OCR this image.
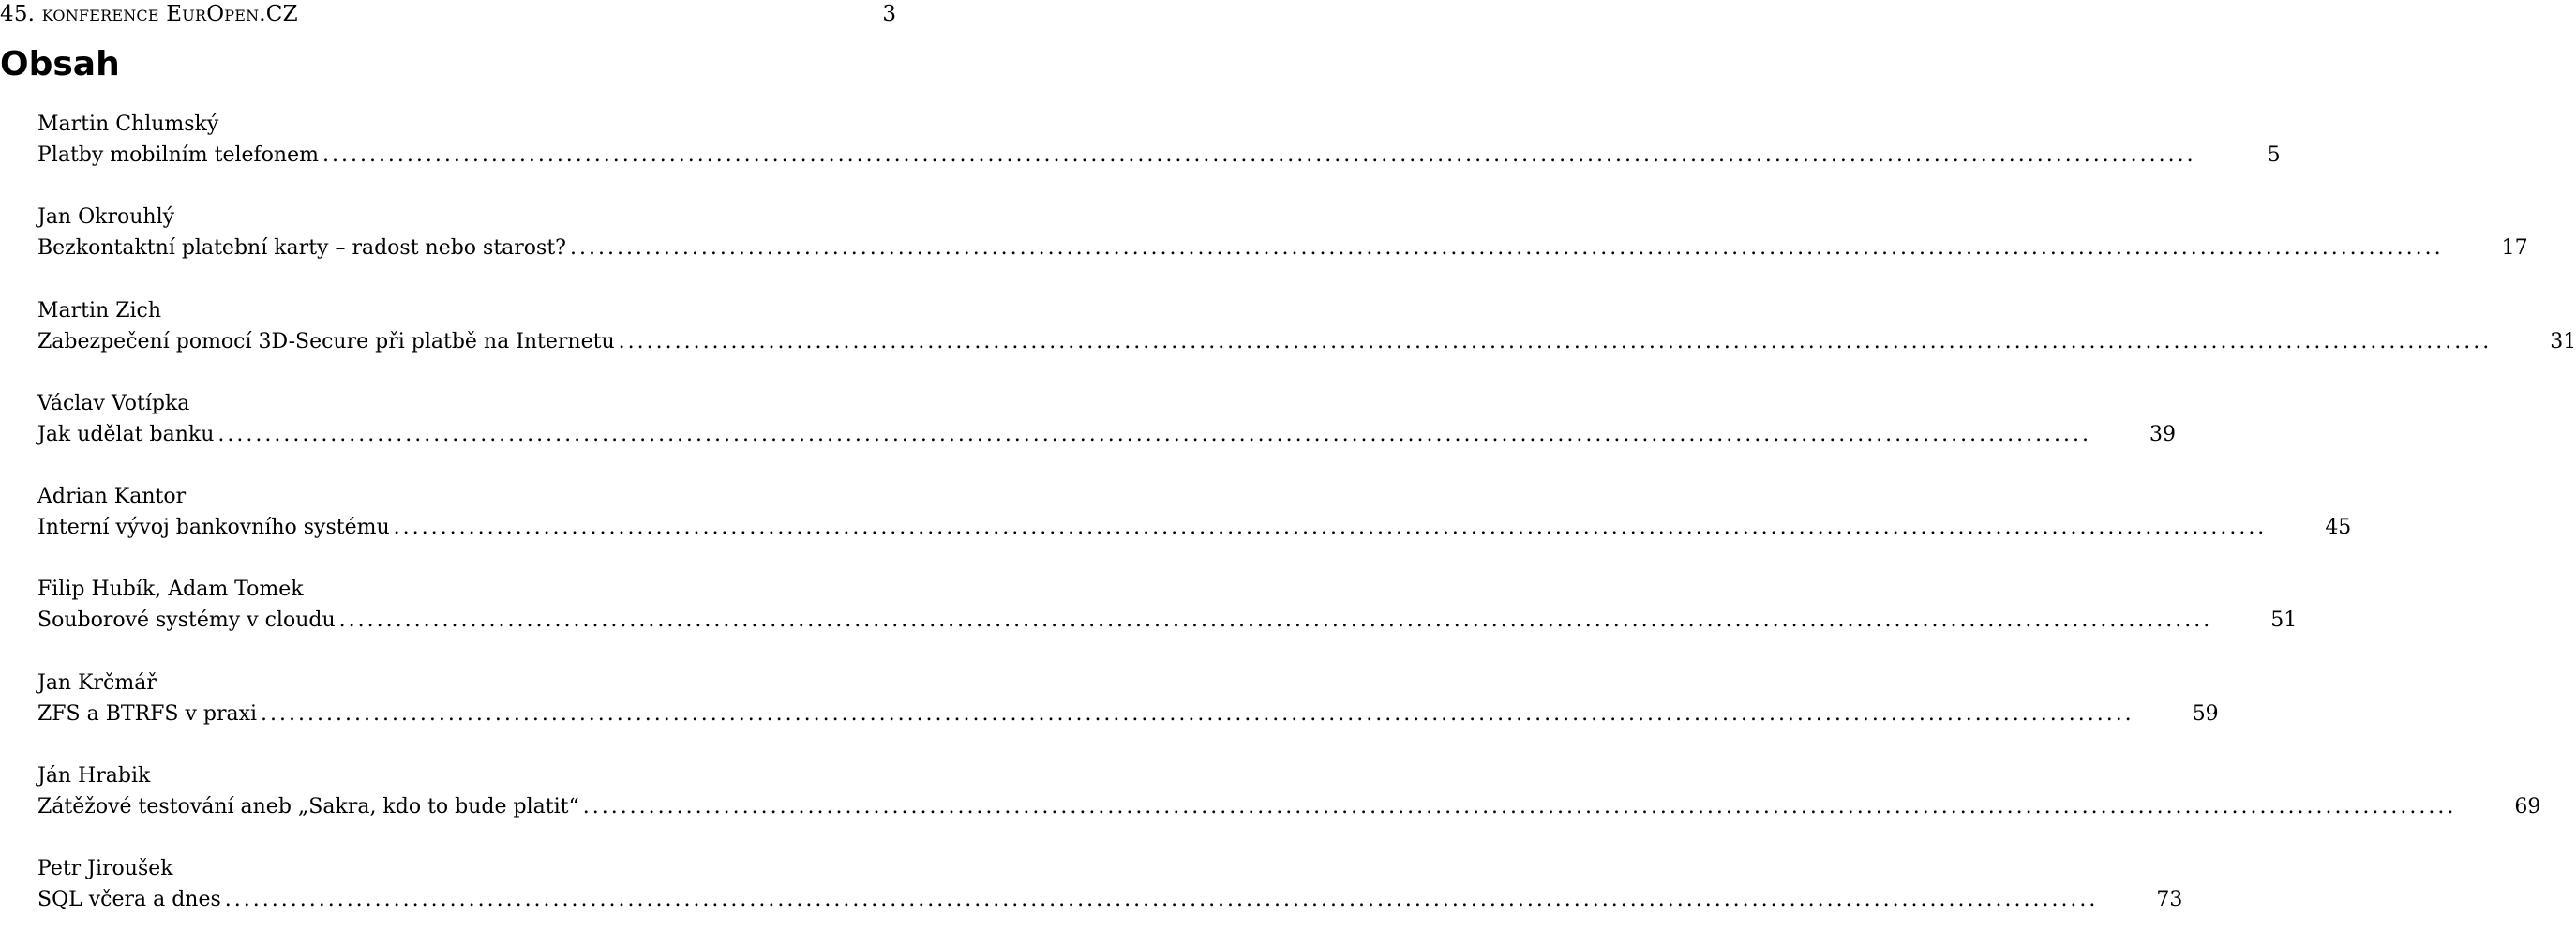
45. konference EurOpen.CZ	3
Obsah
Martin Chlumský
Platby mobilním telefonem ........................................................................................................................................................................................................	5
Jan Okrouhlý
Bezkontaktní platební karty – radost nebo starost? ........................................................................................................................................................................................................	17
Martin Zich
Zabezpečení pomocí 3D-Secure při platbě na Internetu ........................................................................................................................................................................................................	31
Václav Votípka
Jak udělat banku ........................................................................................................................................................................................................	39
Adrian Kantor
Interní vývoj bankovního systému ........................................................................................................................................................................................................	45
Filip Hubík, Adam Tomek
Souborové systémy v cloudu ........................................................................................................................................................................................................	51
Jan Krčmář
ZFS a BTRFS v praxi ........................................................................................................................................................................................................	59
Ján Hrabik
Zátěžové testování aneb „Sakra, kdo to bude platit“ ........................................................................................................................................................................................................	69
Petr Jiroušek
SQL včera a dnes ........................................................................................................................................................................................................	73
